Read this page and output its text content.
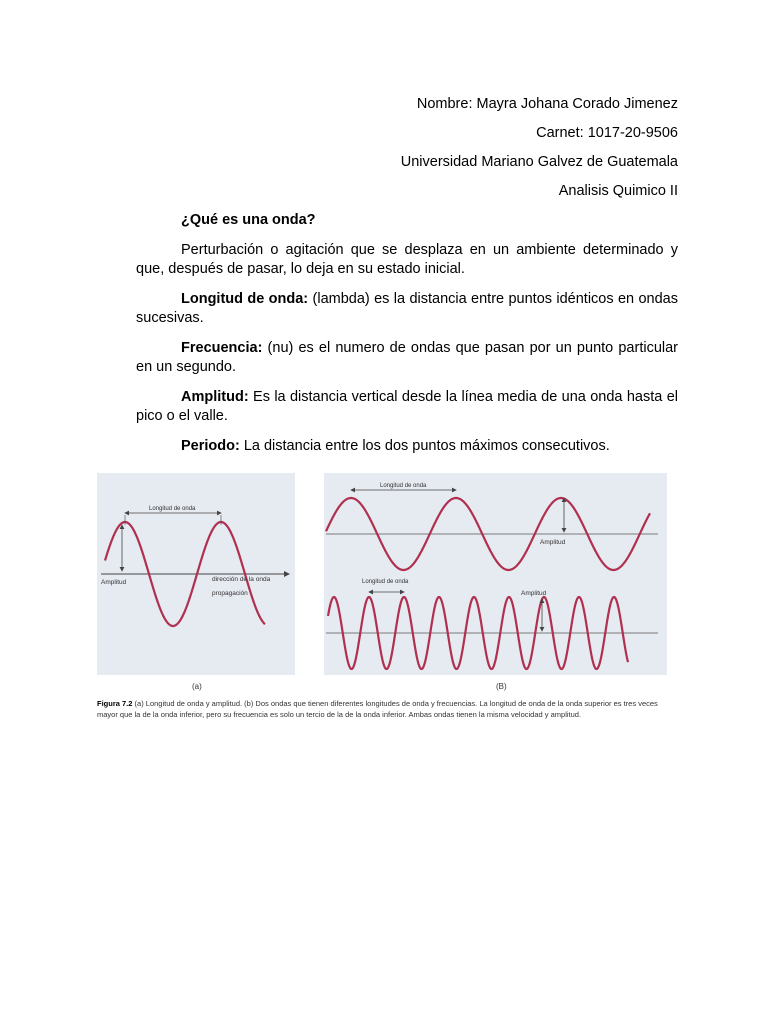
Nombre: Mayra Johana Corado Jimenez
Carnet: 1017-20-9506
Universidad Mariano Galvez de Guatemala
Analisis Quimico II
¿Qué es una onda?
Perturbación o agitación que se desplaza en un ambiente determinado y que, después de pasar, lo deja en su estado inicial.
Longitud de onda: (lambda) es la distancia entre puntos idénticos en ondas sucesivas.
Frecuencia: (nu) es el numero de ondas que pasan por un punto particular en un segundo.
Amplitud: Es la distancia vertical desde la línea media de una onda hasta el pico o el valle.
Periodo: La distancia entre los dos puntos máximos consecutivos.
Longitud de onda
Amplitud	dirección de la onda
propagación
Longitud de onda
Amplitud
Longitud de onda
Amplitud
(a)	(B)
Figura 7.2 (a) Longitud de onda y amplitud. (b) Dos ondas que tienen diferentes longitudes de onda y frecuencias. La longitud de onda de la onda superior es tres veces mayor que la de la onda inferior, pero su frecuencia es solo un tercio de la de la onda inferior. Ambas ondas tienen la misma velocidad y amplitud.
